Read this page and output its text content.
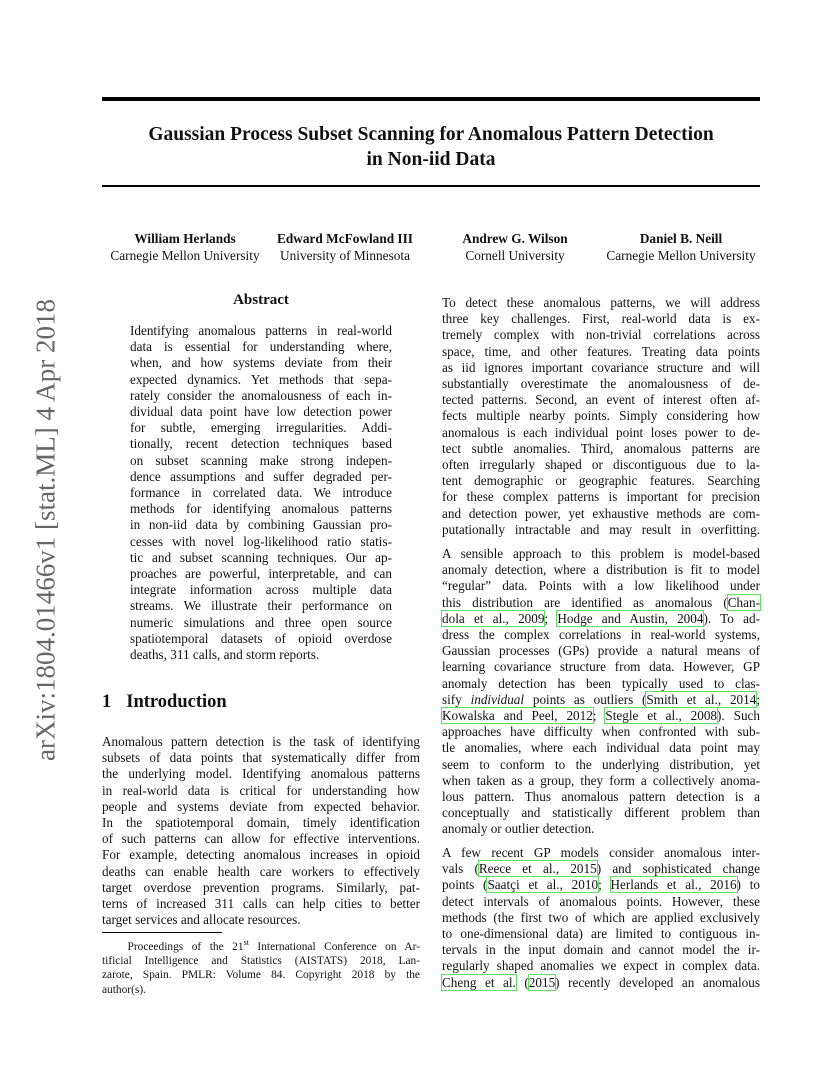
Gaussian Process Subset Scanning for Anomalous Pattern Detection
in Non-iid Data
William Herlands
Carnegie Mellon University
Edward McFowland III
University of Minnesota
Andrew G. Wilson
Cornell University
Daniel B. Neill
Carnegie Mellon University
arXiv:1804.01466v1 [stat.ML] 4 Apr 2018	Abstract
Identifying anomalous patterns in real-world
data is essential for understanding where,
when, and how systems deviate from their
expected dynamics. Yet methods that sepa-
rately consider the anomalousness of each in-
dividual data point have low detection power
for subtle, emerging irregularities. Addi-
tionally, recent detection techniques based
on subset scanning make strong indepen-
dence assumptions and suffer degraded per-
formance in correlated data. We introduce
methods for identifying anomalous patterns
in non-iid data by combining Gaussian pro-
cesses with novel log-likelihood ratio statis-
tic and subset scanning techniques. Our ap-
proaches are powerful, interpretable, and can
integrate information across multiple data
streams. We illustrate their performance on
numeric simulations and three open source
spatiotemporal datasets of opioid overdose
deaths, 311 calls, and storm reports.
1 Introduction
Anomalous pattern detection is the task of identifying
subsets of data points that systematically differ from
the underlying model. Identifying anomalous patterns
in real-world data is critical for understanding how
people and systems deviate from expected behavior.
In the spatiotemporal domain, timely identification
of such patterns can allow for effective interventions.
For example, detecting anomalous increases in opioid
deaths can enable health care workers to effectively
target overdose prevention programs. Similarly, pat-
terns of increased 311 calls can help cities to better
target services and allocate resources.
Proceedings of the 21st International Conference on Ar-
tificial Intelligence and Statistics (AISTATS) 2018, Lan-
zarote, Spain. PMLR: Volume 84. Copyright 2018 by the
author(s).
To detect these anomalous patterns, we will address
three key challenges. First, real-world data is ex-
tremely complex with non-trivial correlations across
space, time, and other features. Treating data points
as iid ignores important covariance structure and will
substantially overestimate the anomalousness of de-
tected patterns. Second, an event of interest often af-
fects multiple nearby points. Simply considering how
anomalous is each individual point loses power to de-
tect subtle anomalies. Third, anomalous patterns are
often irregularly shaped or discontiguous due to la-
tent demographic or geographic features. Searching
for these complex patterns is important for precision
and detection power, yet exhaustive methods are com-
putationally intractable and may result in overfitting.
A sensible approach to this problem is model-based
anomaly detection, where a distribution is fit to model
“regular” data. Points with a low likelihood under
this distribution are identified as anomalous (Chan-
dola et al., 2009; Hodge and Austin, 2004). To ad-
dress the complex correlations in real-world systems,
Gaussian processes (GPs) provide a natural means of
learning covariance structure from data. However, GP
anomaly detection has been typically used to clas-
sify individual points as outliers (Smith et al., 2014;
Kowalska and Peel, 2012; Stegle et al., 2008). Such
approaches have difficulty when confronted with sub-
tle anomalies, where each individual data point may
seem to conform to the underlying distribution, yet
when taken as a group, they form a collectively anoma-
lous pattern. Thus anomalous pattern detection is a
conceptually and statistically different problem than
anomaly or outlier detection.
A few recent GP models consider anomalous inter-
vals (Reece et al., 2015) and sophisticated change
points (Saatçi et al., 2010; Herlands et al., 2016) to
detect intervals of anomalous points. However, these
methods (the first two of which are applied exclusively
to one-dimensional data) are limited to contiguous in-
tervals in the input domain and cannot model the ir-
regularly shaped anomalies we expect in complex data.
Cheng et al. (2015) recently developed an anomalous
